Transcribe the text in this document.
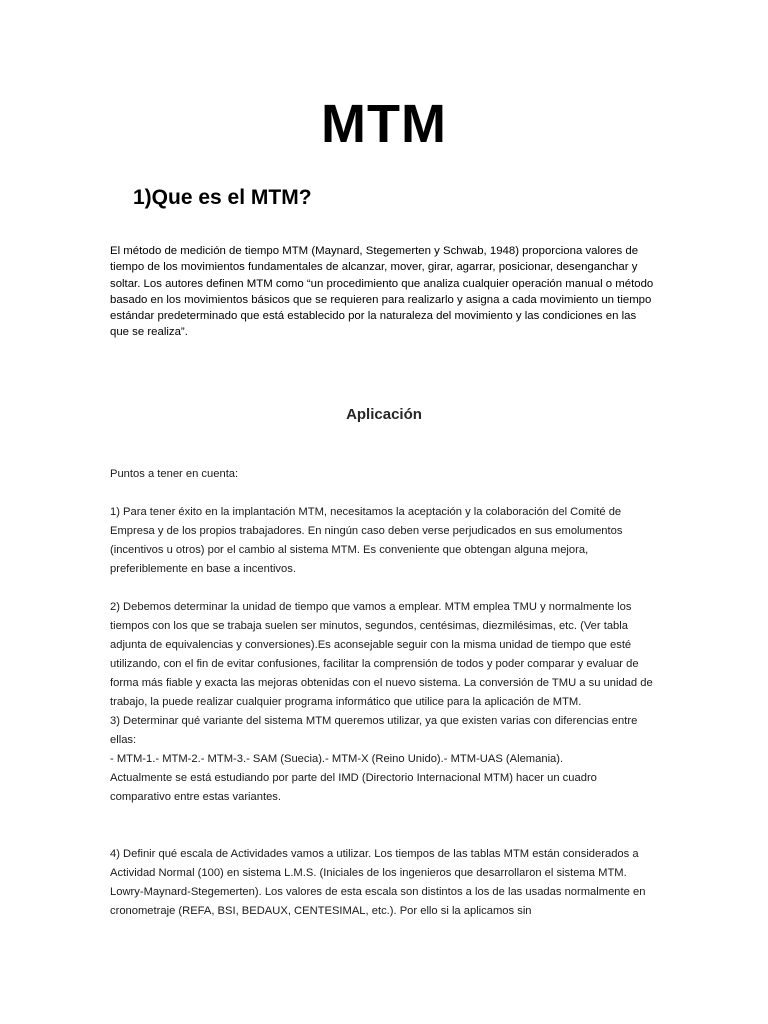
MTM
1)Que es el MTM?
El método de medición de tiempo MTM (Maynard, Stegemerten y Schwab, 1948) proporciona valores de tiempo de los movimientos fundamentales de alcanzar, mover, girar, agarrar, posicionar, desenganchar y soltar. Los autores definen MTM como “un procedimiento que analiza cualquier operación manual o método basado en los movimientos básicos que se requieren para realizarlo y asigna a cada movimiento un tiempo estándar predeterminado que está establecido por la naturaleza del movimiento y las condiciones en las que se realiza”.
Aplicación
Puntos a tener en cuenta:
1) Para tener éxito en la implantación MTM, necesitamos la aceptación y la colaboración del Comité de Empresa y de los propios trabajadores. En ningún caso deben verse perjudicados en sus emolumentos (incentivos u otros) por el cambio al sistema MTM. Es conveniente que obtengan alguna mejora, preferiblemente en base a incentivos.

2) Debemos determinar la unidad de tiempo que vamos a emplear. MTM emplea TMU y normalmente los tiempos con los que se trabaja suelen ser minutos, segundos, centésimas, diezmilésimas, etc. (Ver tabla adjunta de equivalencias y conversiones).Es aconsejable seguir con la misma unidad de tiempo que esté utilizando, con el fin de evitar confusiones, facilitar la comprensión de todos y poder comparar y evaluar de forma más fiable y exacta las mejoras obtenidas con el nuevo sistema. La conversión de TMU a su unidad de trabajo, la puede realizar cualquier programa informático que utilice para la aplicación de MTM.

3) Determinar qué variante del sistema MTM queremos utilizar, ya que existen varias con diferencias entre ellas:

- MTM-1.- MTM-2.- MTM-3.- SAM (Suecia).- MTM-X (Reino Unido).- MTM-UAS (Alemania).

Actualmente se está estudiando por parte del IMD (Directorio Internacional MTM) hacer un cuadro comparativo entre estas variantes.

4) Definir qué escala de Actividades vamos a utilizar. Los tiempos de las tablas MTM están considerados a Actividad Normal (100) en sistema L.M.S. (Iniciales de los ingenieros que desarrollaron el sistema MTM. Lowry-Maynard-Stegemerten). Los valores de esta escala son distintos a los de las usadas normalmente en cronometraje (REFA, BSI, BEDAUX, CENTESIMAL, etc.). Por ello si la aplicamos sin
